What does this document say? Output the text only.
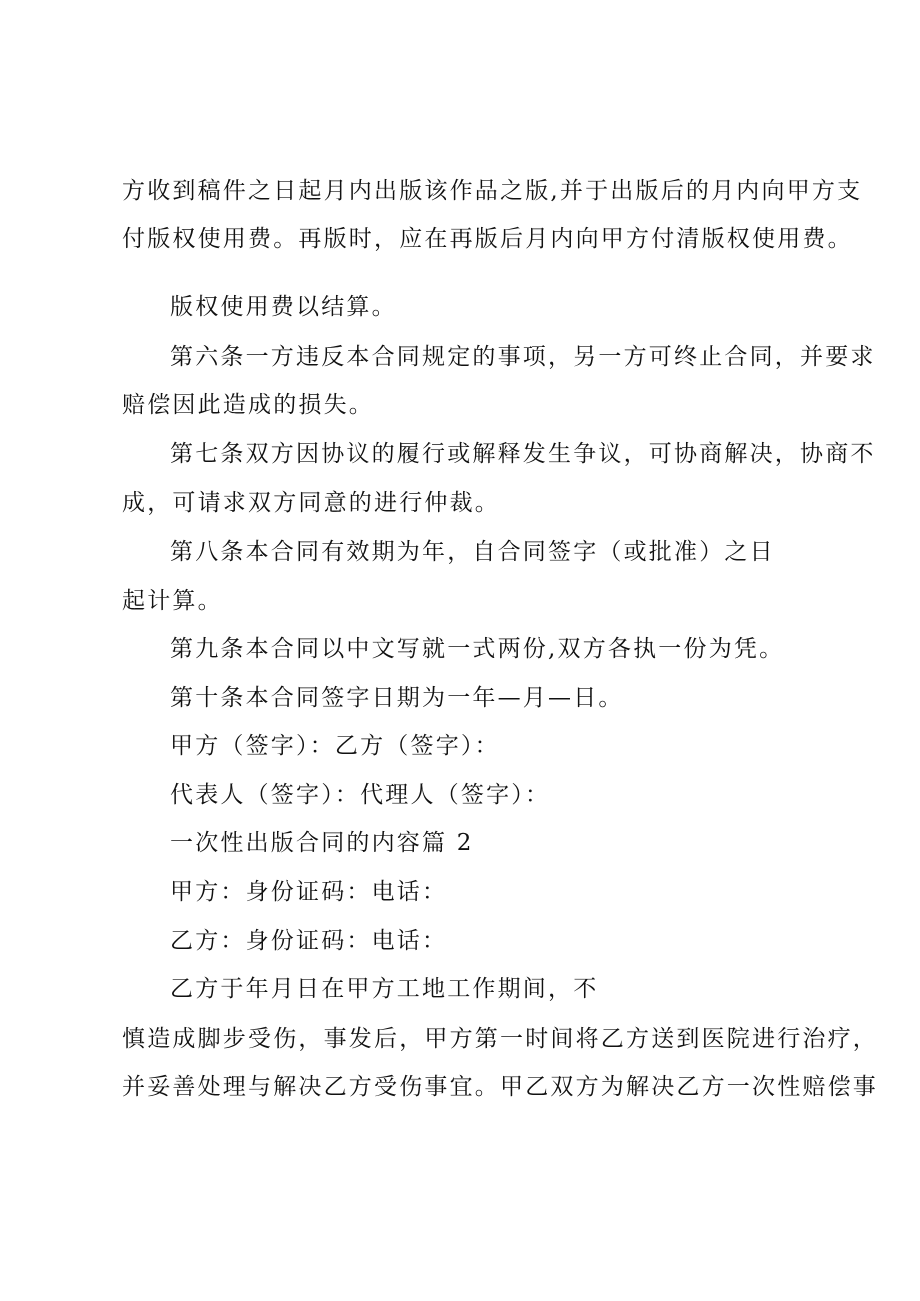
方收到稿件之日起月内出版该作品之版,并于出版后的月内向甲方支
付版权使用费。再版时，应在再版后月内向甲方付清版权使用费。
版权使用费以结算。
第六条一方违反本合同规定的事项，另一方可终止合同，并要求
赔偿因此造成的损失。
第七条双方因协议的履行或解释发生争议，可协商解决，协商不
成，可请求双方同意的进行仲裁。
第八条本合同有效期为年，自合同签字（或批准）之日
起计算。
第九条本合同以中文写就一式两份,双方各执一份为凭。
第十条本合同签字日期为一年—月—日。
甲方（签字）：乙方（签字）：
代表人（签字）：代理人（签字）：
一次性出版合同的内容篇 2
甲方：身份证码：电话：
乙方：身份证码：电话：
乙方于年月日在甲方工地工作期间，不
慎造成脚步受伤，事发后，甲方第一时间将乙方送到医院进行治疗，
并妥善处理与解决乙方受伤事宜。甲乙双方为解决乙方一次性赔偿事
